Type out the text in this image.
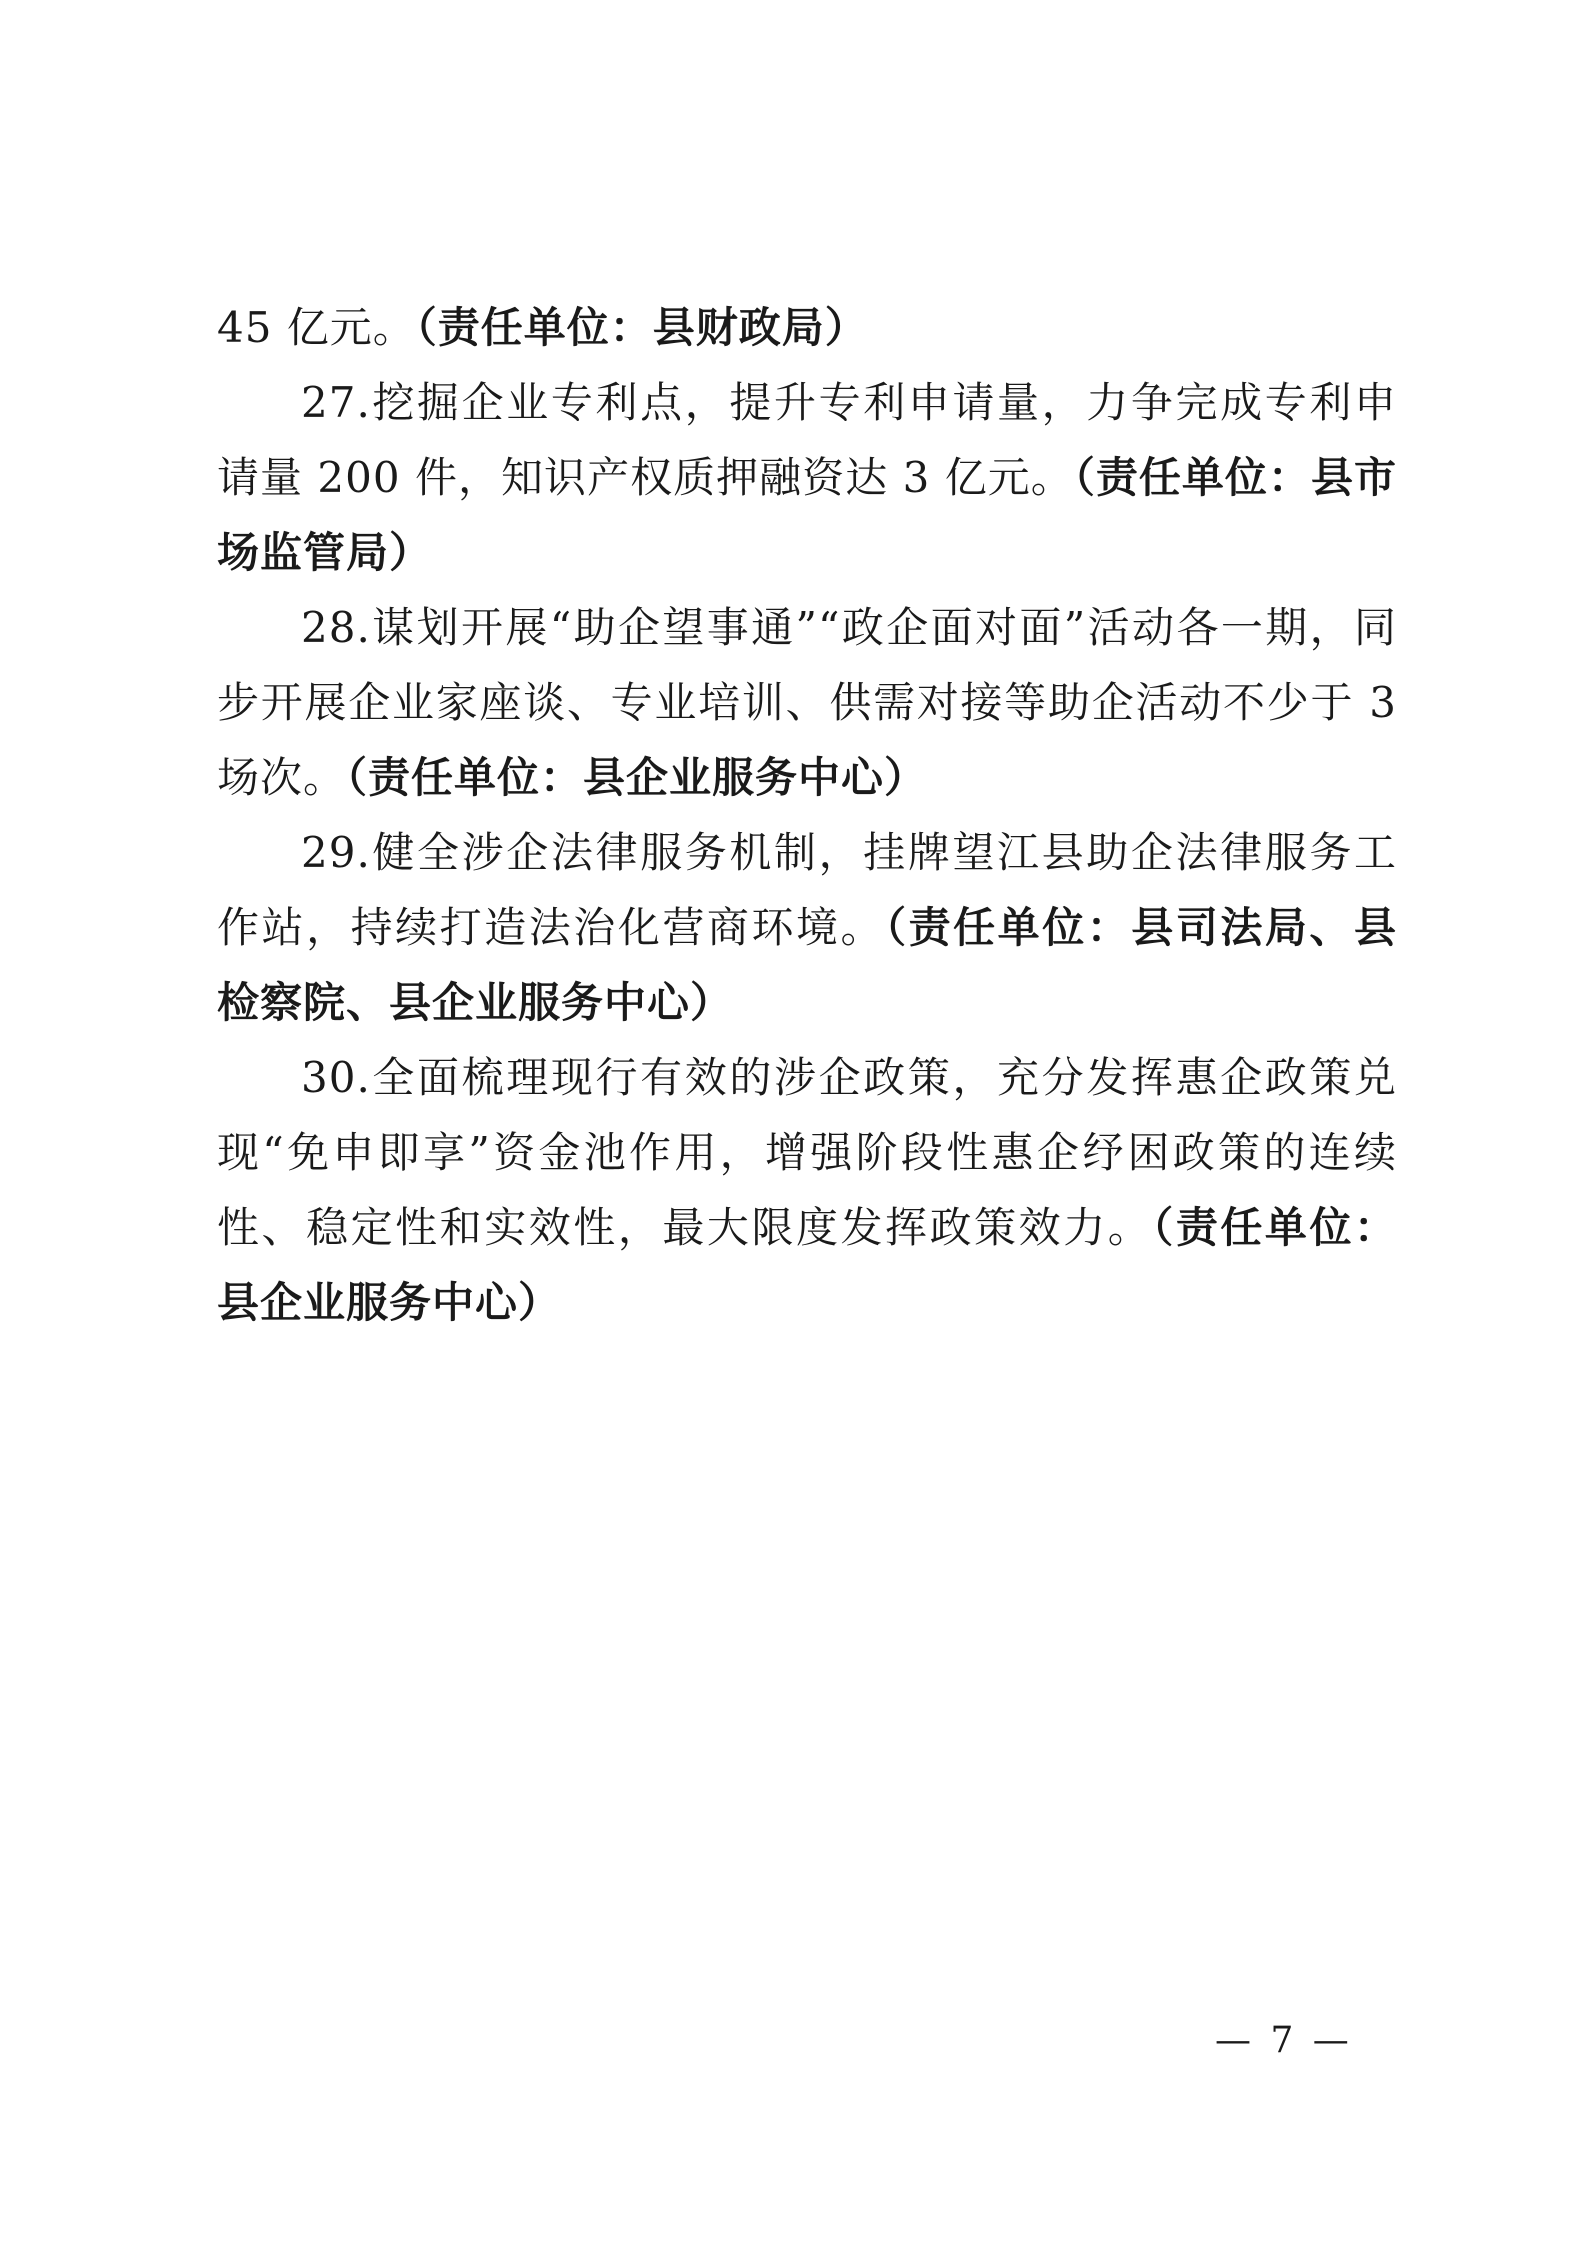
45 亿元。（责任单位：县财政局）

27.挖掘企业专利点，提升专利申请量，力争完成专利申请量 200 件，知识产权质押融资达 3 亿元。（责任单位：县市场监管局）

28.谋划开展“助企望事通”“政企面对面”活动各一期，同步开展企业家座谈、专业培训、供需对接等助企活动不少于 3 场次。（责任单位：县企业服务中心）

29.健全涉企法律服务机制，挂牌望江县助企法律服务工作站，持续打造法治化营商环境。（责任单位：县司法局、县检察院、县企业服务中心）

30.全面梳理现行有效的涉企政策，充分发挥惠企政策兑现“免申即享”资金池作用，增强阶段性惠企纾困政策的连续性、稳定性和实效性，最大限度发挥政策效力。（责任单位：县企业服务中心）

— 7 —
